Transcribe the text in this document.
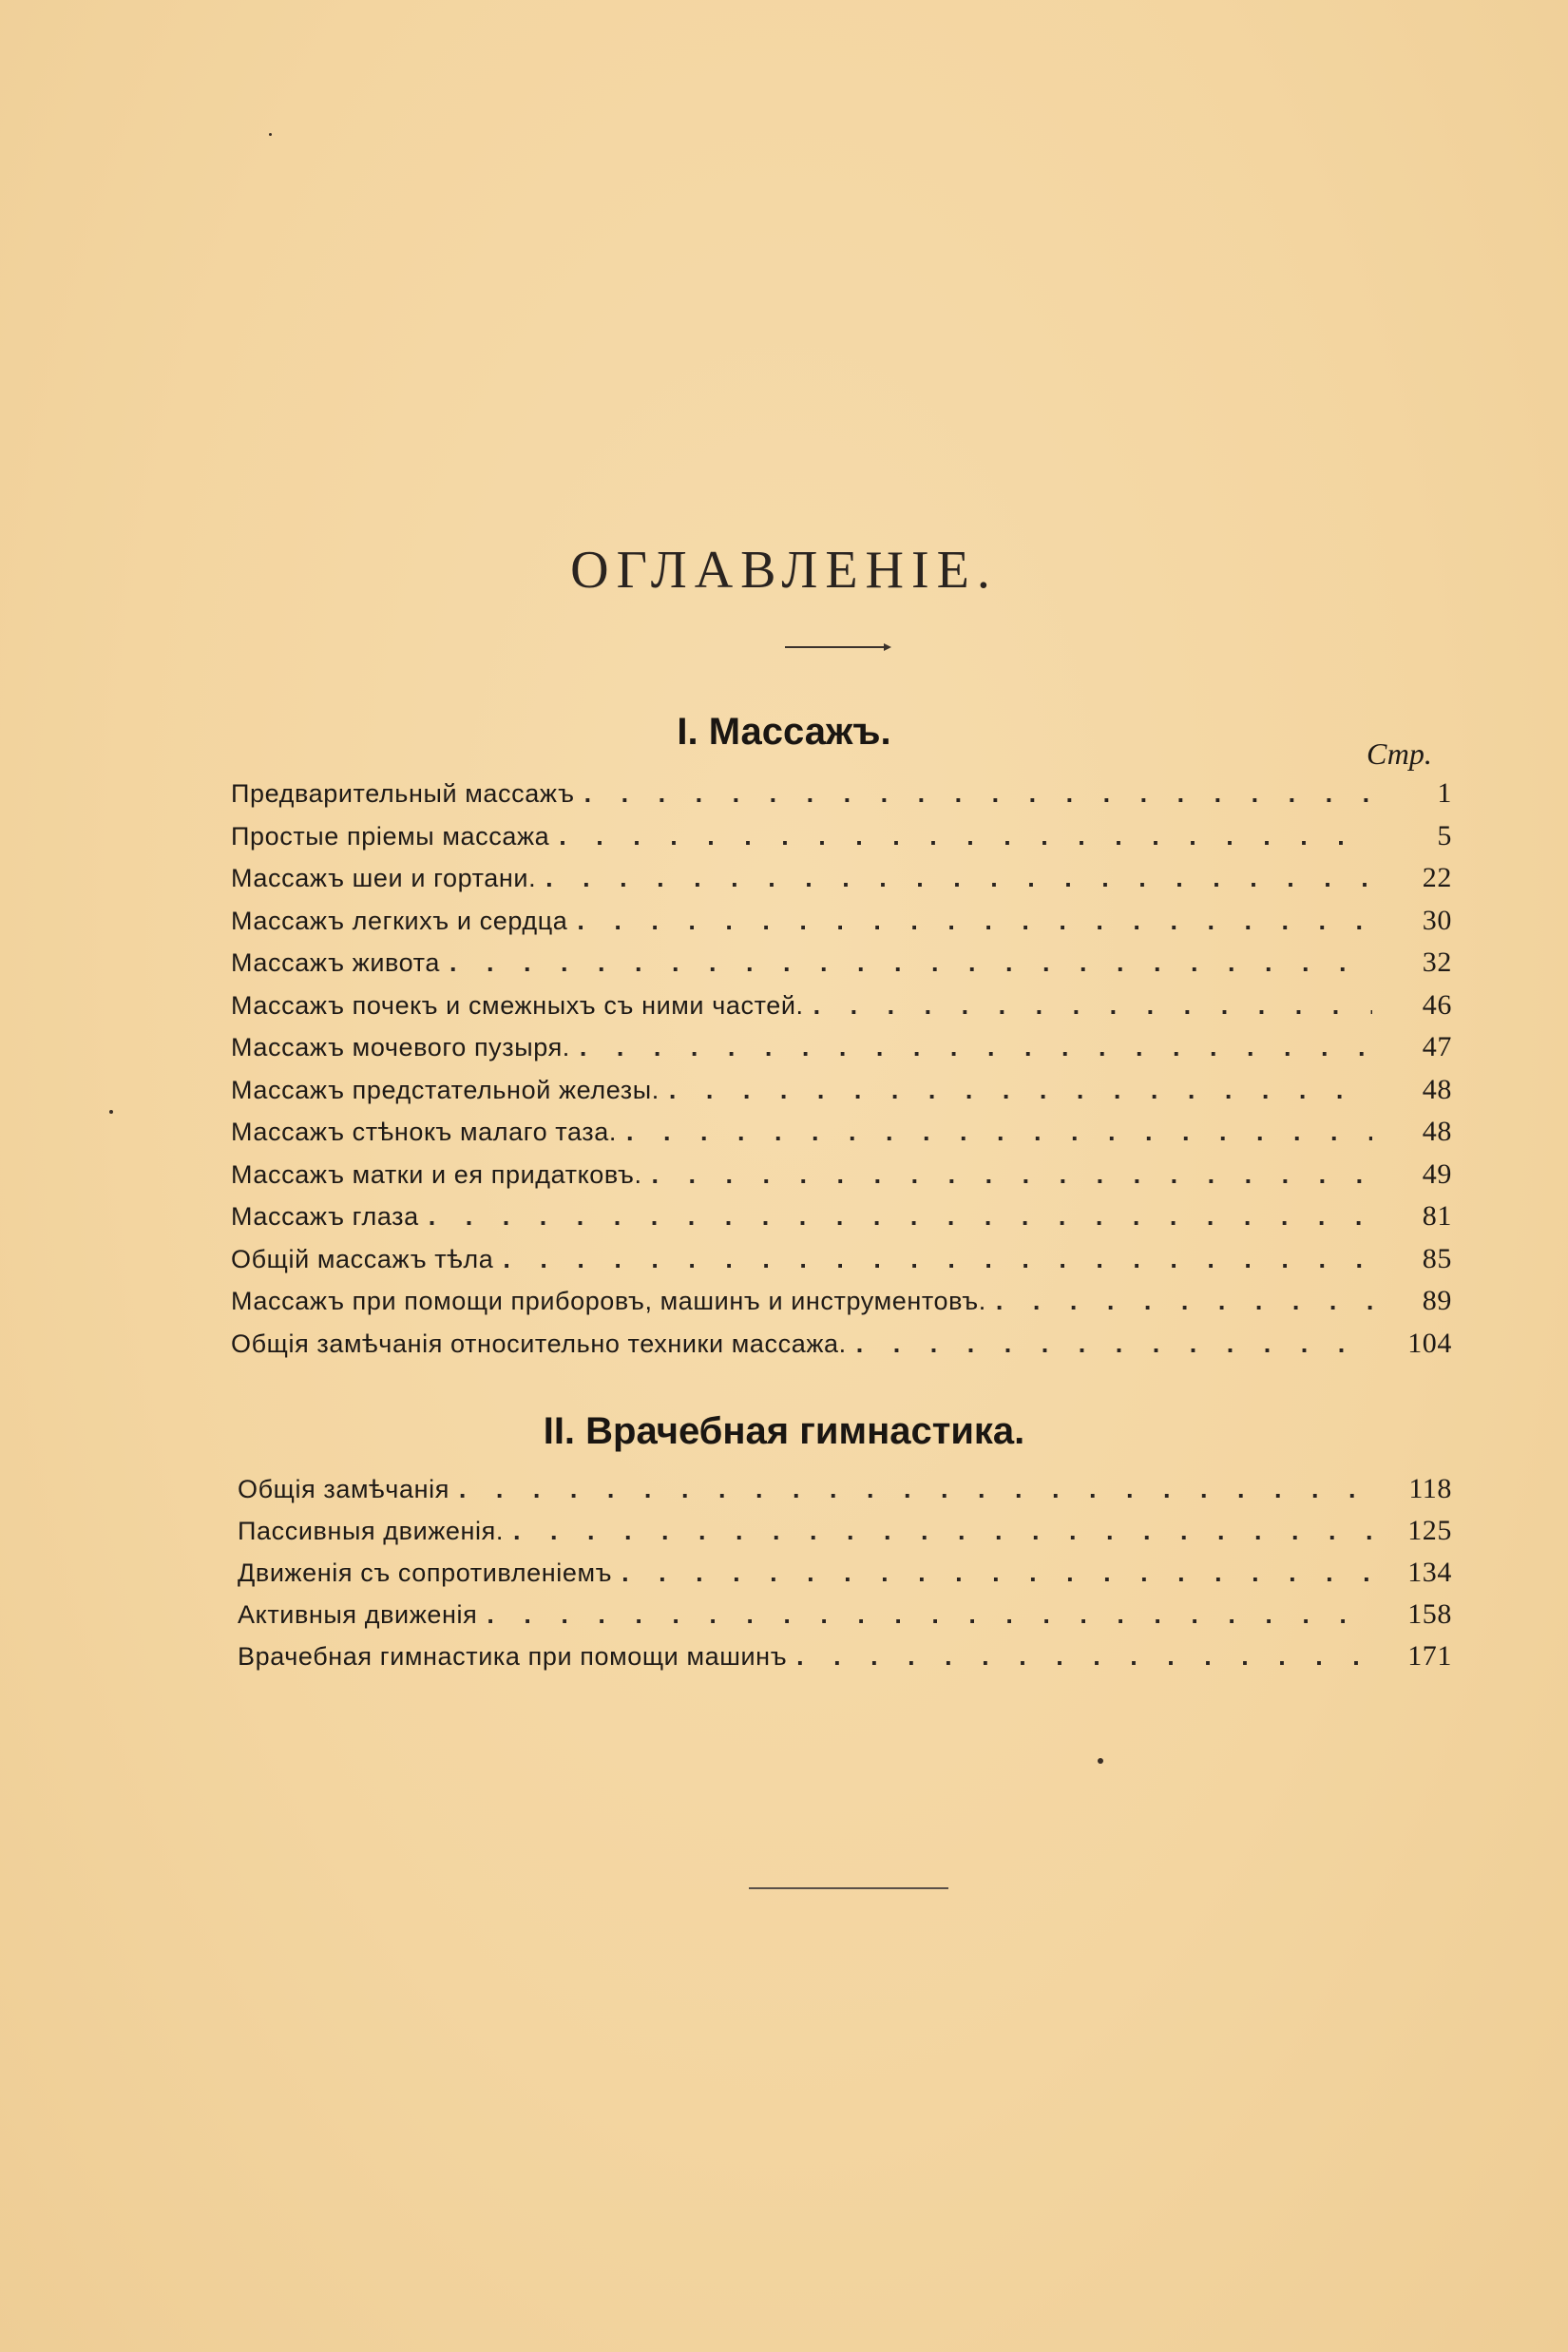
ОГЛАВЛЕНІЕ.
I. Массажъ.
Стр.
Предварительный массажъ . . .	1
Простые пріемы массажа . . .	5
Массажъ шеи и гортани. . . .	22
Массажъ легкихъ и сердца . . .	30
Массажъ живота . . .	32
Массажъ почекъ и смежныхъ съ ними частей. . . .	46
Массажъ мочевого пузыря. . . .	47
Массажъ предстательной железы. . . .	48
Массажъ стѣнокъ малаго таза. . . .	48
Массажъ матки и ея придатковъ. . . .	49
Массажъ глаза . . .	81
Общій массажъ тѣла . . .	85
Массажъ при помощи приборовъ, машинъ и инструментовъ. . . .	89
Общія замѣчанія относительно техники массажа. . . .	104
II. Врачебная гимнастика.
Общія замѣчанія . . .	118
Пассивныя движенія. . . .	125
Движенія съ сопротивленіемъ . . .	134
Активныя движенія . . .	158
Врачебная гимнастика при помощи машинъ . . .	171
